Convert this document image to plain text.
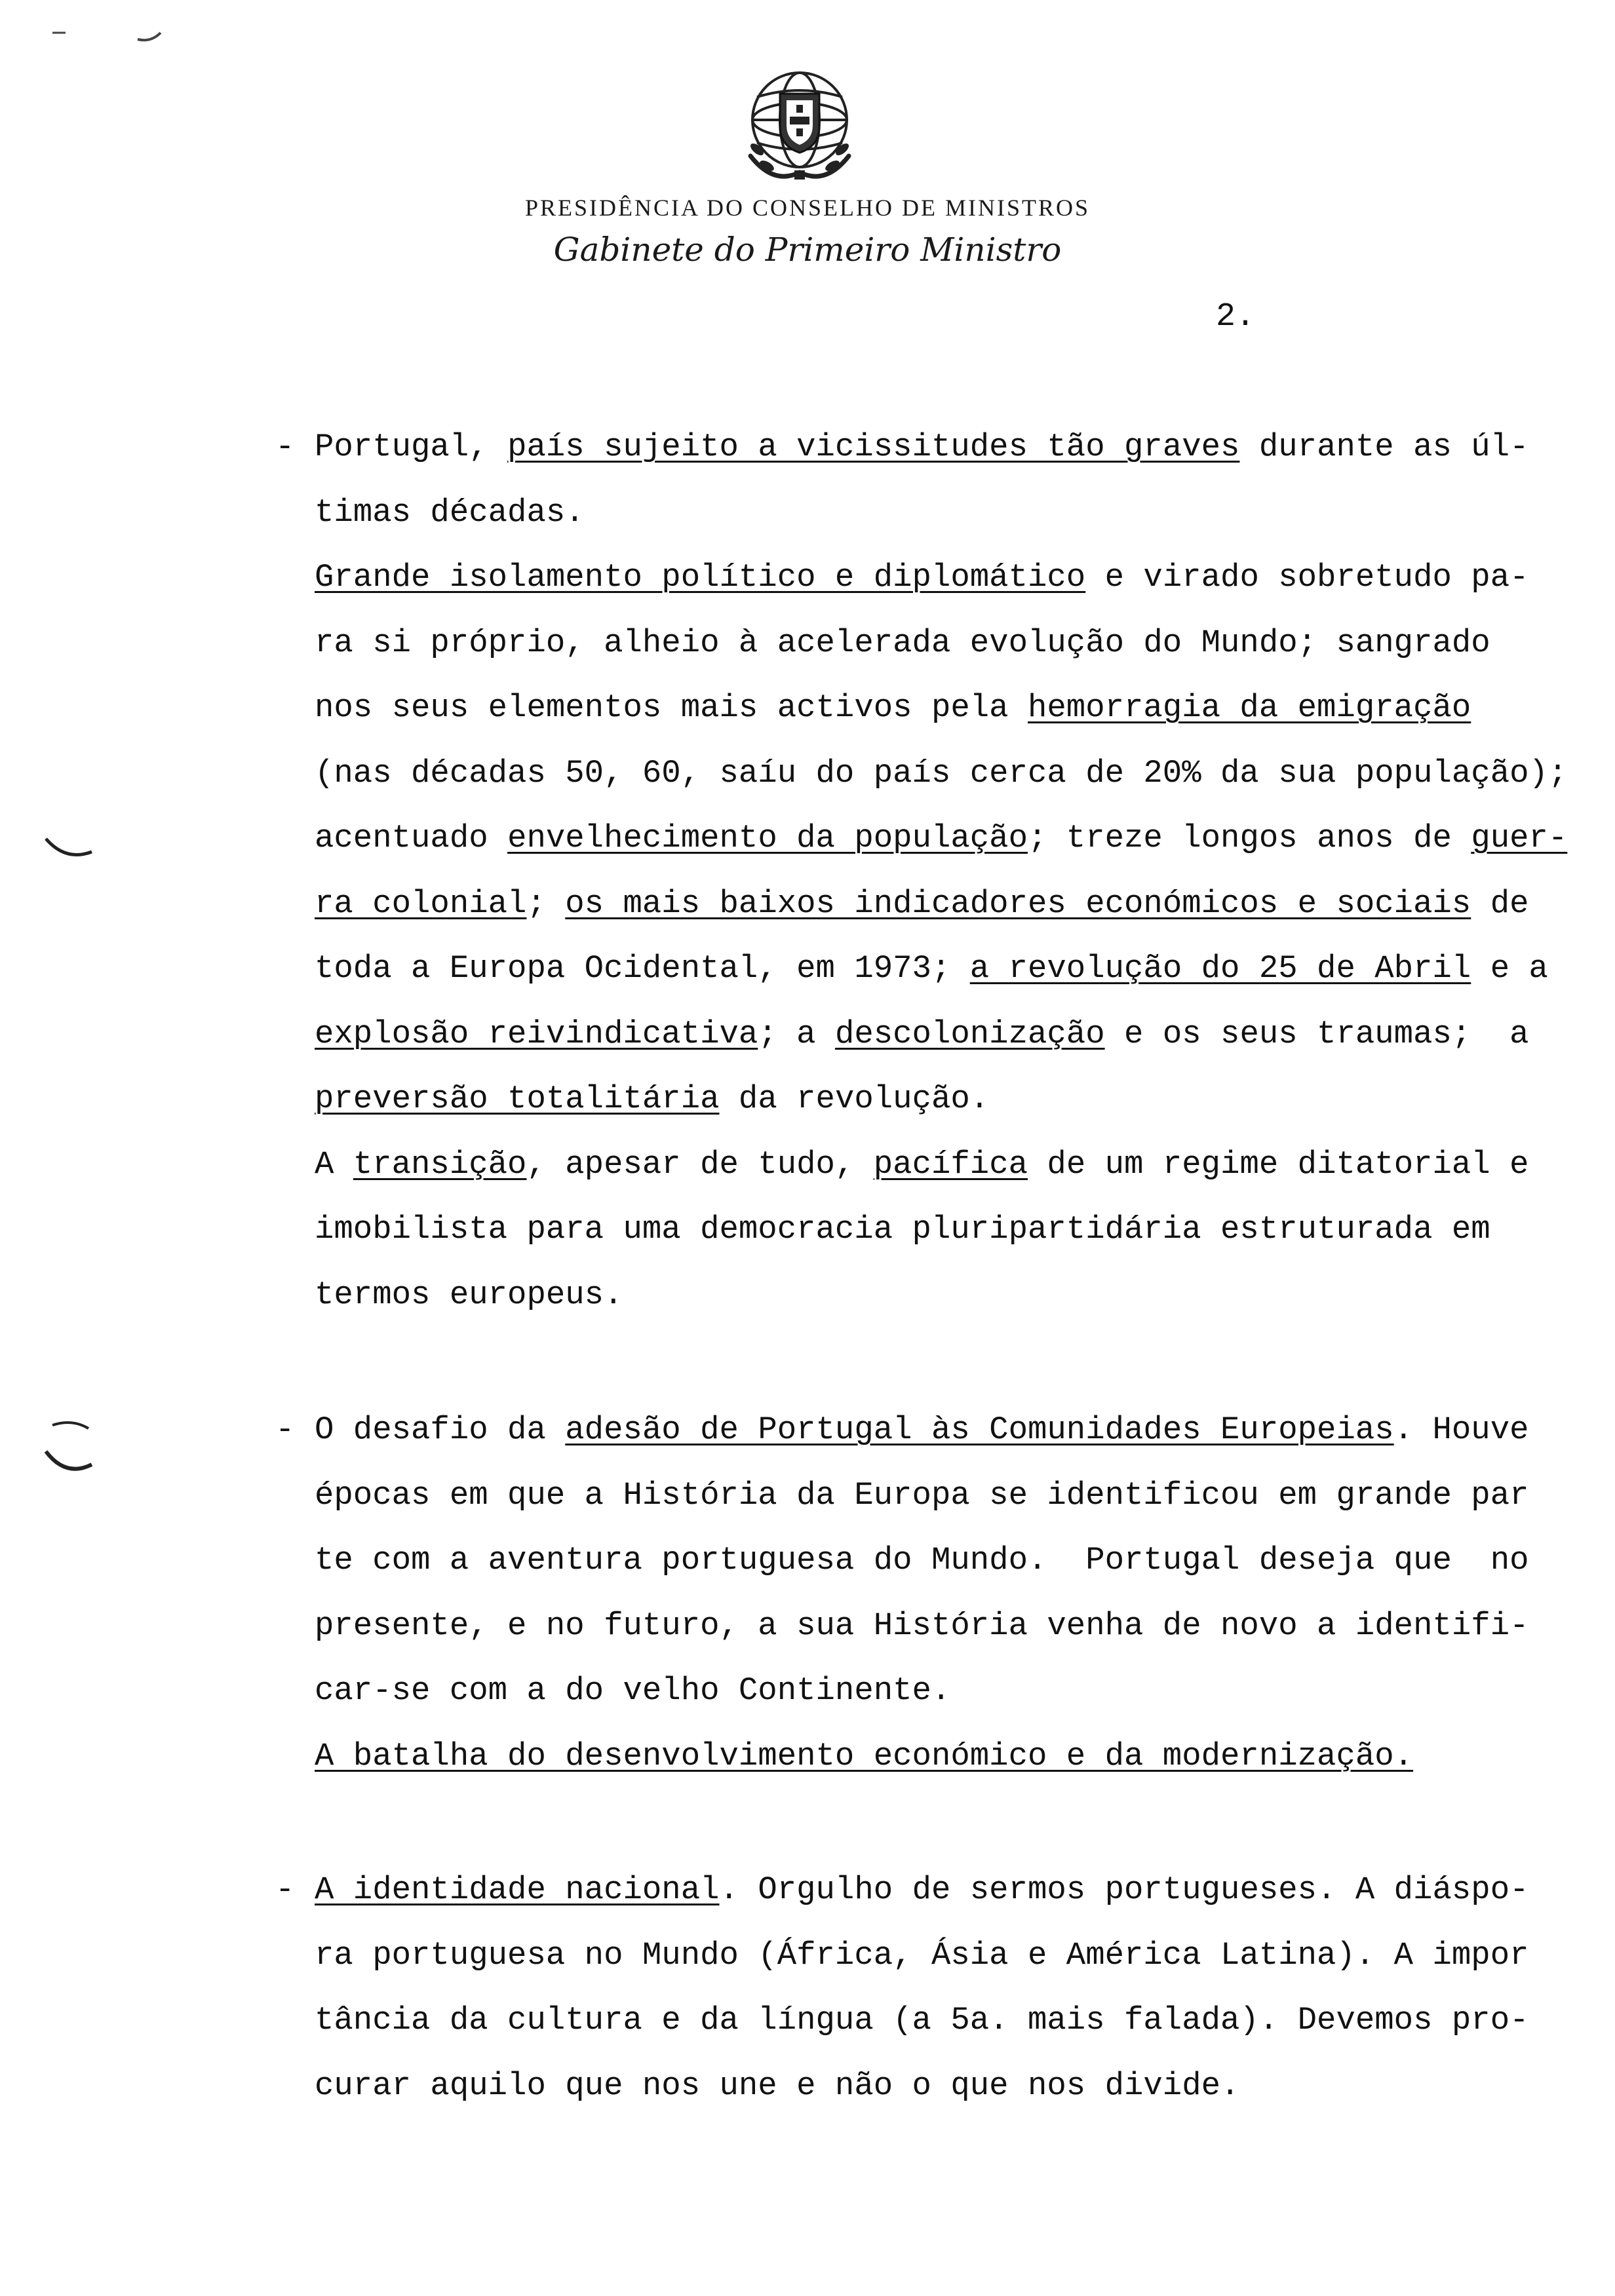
PRESIDÊNCIA DO CONSELHO DE MINISTROS
Gabinete do Primeiro Ministro
2.
- Portugal, país sujeito a vicissitudes tão graves durante as úl-
timas décadas.
Grande isolamento político e diplomático e virado sobretudo pa-
ra si próprio, alheio à acelerada evolução do Mundo; sangrado
nos seus elementos mais activos pela hemorragia da emigração
(nas décadas 50, 60, saíu do país cerca de 20% da sua população);
acentuado envelhecimento da população; treze longos anos de guer-
ra colonial; os mais baixos indicadores económicos e sociais de
toda a Europa Ocidental, em 1973; a revolução do 25 de Abril e a
explosão reivindicativa; a descolonização e os seus traumas;  a
preversão totalitária da revolução.
A transição, apesar de tudo, pacífica de um regime ditatorial e
imobilista para uma democracia pluripartidária estruturada em
termos europeus.
- O desafio da adesão de Portugal às Comunidades Europeias. Houve
épocas em que a História da Europa se identificou em grande par
te com a aventura portuguesa do Mundo.  Portugal deseja que  no
presente, e no futuro, a sua História venha de novo a identifi-
car-se com a do velho Continente.
A batalha do desenvolvimento económico e da modernização.
- A identidade nacional. Orgulho de sermos portugueses. A diáspo-
ra portuguesa no Mundo (África, Ásia e América Latina). A impor
tância da cultura e da língua (a 5a. mais falada). Devemos pro-
curar aquilo que nos une e não o que nos divide.
